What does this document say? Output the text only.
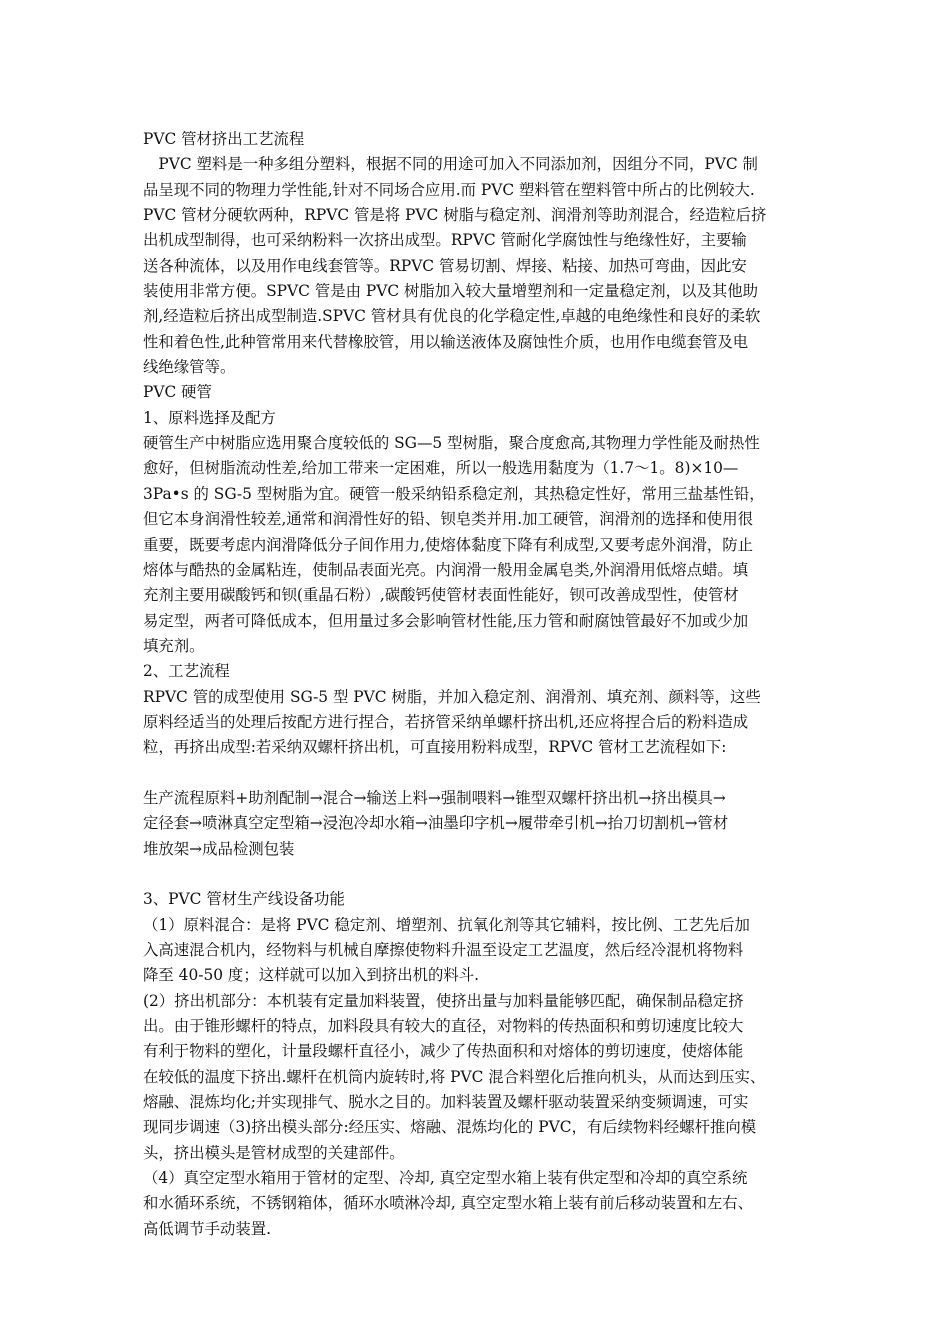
PVC 管材挤出工艺流程
　PVC 塑料是一种多组分塑料，根据不同的用途可加入不同添加剂，因组分不同，PVC 制
品呈现不同的物理力学性能,针对不同场合应用.而 PVC 塑料管在塑料管中所占的比例较大.
PVC 管材分硬软两种，RPVC 管是将 PVC 树脂与稳定剂、润滑剂等助剂混合，经造粒后挤
出机成型制得，也可采纳粉料一次挤出成型。RPVC 管耐化学腐蚀性与绝缘性好，主要输
送各种流体，以及用作电线套管等。RPVC 管易切割、焊接、粘接、加热可弯曲，因此安
装使用非常方便。SPVC 管是由 PVC 树脂加入较大量增塑剂和一定量稳定剂，以及其他助
剂,经造粒后挤出成型制造.SPVC 管材具有优良的化学稳定性,卓越的电绝缘性和良好的柔软
性和着色性,此种管常用来代替橡胶管，用以输送液体及腐蚀性介质，也用作电缆套管及电
线绝缘管等。
PVC 硬管
1、原料选择及配方
硬管生产中树脂应选用聚合度较低的 SG—5 型树脂，聚合度愈高,其物理力学性能及耐热性
愈好，但树脂流动性差,给加工带来一定困难，所以一般选用黏度为（1.7～1。8)×10—
3Pa•s 的 SG-5 型树脂为宜。硬管一般采纳铅系稳定剂，其热稳定性好，常用三盐基性铅，
但它本身润滑性较差,通常和润滑性好的铅、钡皂类并用.加工硬管，润滑剂的选择和使用很
重要，既要考虑内润滑降低分子间作用力,使熔体黏度下降有利成型,又要考虑外润滑，防止
熔体与酷热的金属粘连，使制品表面光亮。内润滑一般用金属皂类,外润滑用低熔点蜡。填
充剂主要用碳酸钙和钡(重晶石粉）,碳酸钙使管材表面性能好，钡可改善成型性，使管材
易定型，两者可降低成本，但用量过多会影响管材性能,压力管和耐腐蚀管最好不加或少加
填充剂。
2、工艺流程
RPVC 管的成型使用 SG-5 型 PVC 树脂，并加入稳定剂、润滑剂、填充剂、颜料等，这些
原料经适当的处理后按配方进行捏合，若挤管采纳单螺杆挤出机,还应将捏合后的粉料造成
粒，再挤出成型:若采纳双螺杆挤出机，可直接用粉料成型，RPVC 管材工艺流程如下:
生产流程原料+助剂配制→混合→输送上料→强制喂料→锥型双螺杆挤出机→挤出模具→
定径套→喷淋真空定型箱→浸泡冷却水箱→油墨印字机→履带牵引机→抬刀切割机→管材
堆放架→成品检测包装
3、PVC 管材生产线设备功能
（1）原料混合：是将 PVC 稳定剂、增塑剂、抗氧化剂等其它辅料，按比例、工艺先后加
入高速混合机内，经物料与机械自摩擦使物料升温至设定工艺温度，然后经冷混机将物料
降至 40-50 度；这样就可以加入到挤出机的料斗.
(2）挤出机部分：本机装有定量加料装置，使挤出量与加料量能够匹配，确保制品稳定挤
出。由于锥形螺杆的特点，加料段具有较大的直径，对物料的传热面积和剪切速度比较大
有利于物料的塑化，计量段螺杆直径小，减少了传热面积和对熔体的剪切速度，使熔体能
在较低的温度下挤出.螺杆在机筒内旋转时,将 PVC 混合料塑化后推向机头，从而达到压实、
熔融、混炼均化;并实现排气、脱水之目的。加料装置及螺杆驱动装置采纳变频调速，可实
现同步调速（3)挤出模头部分:经压实、熔融、混炼均化的 PVC，有后续物料经螺杆推向模
头，挤出模头是管材成型的关建部件。
（4）真空定型水箱用于管材的定型、冷却, 真空定型水箱上装有供定型和冷却的真空系统
和水循环系统，不锈钢箱体，循环水喷淋冷却, 真空定型水箱上装有前后移动装置和左右、
高低调节手动装置.
